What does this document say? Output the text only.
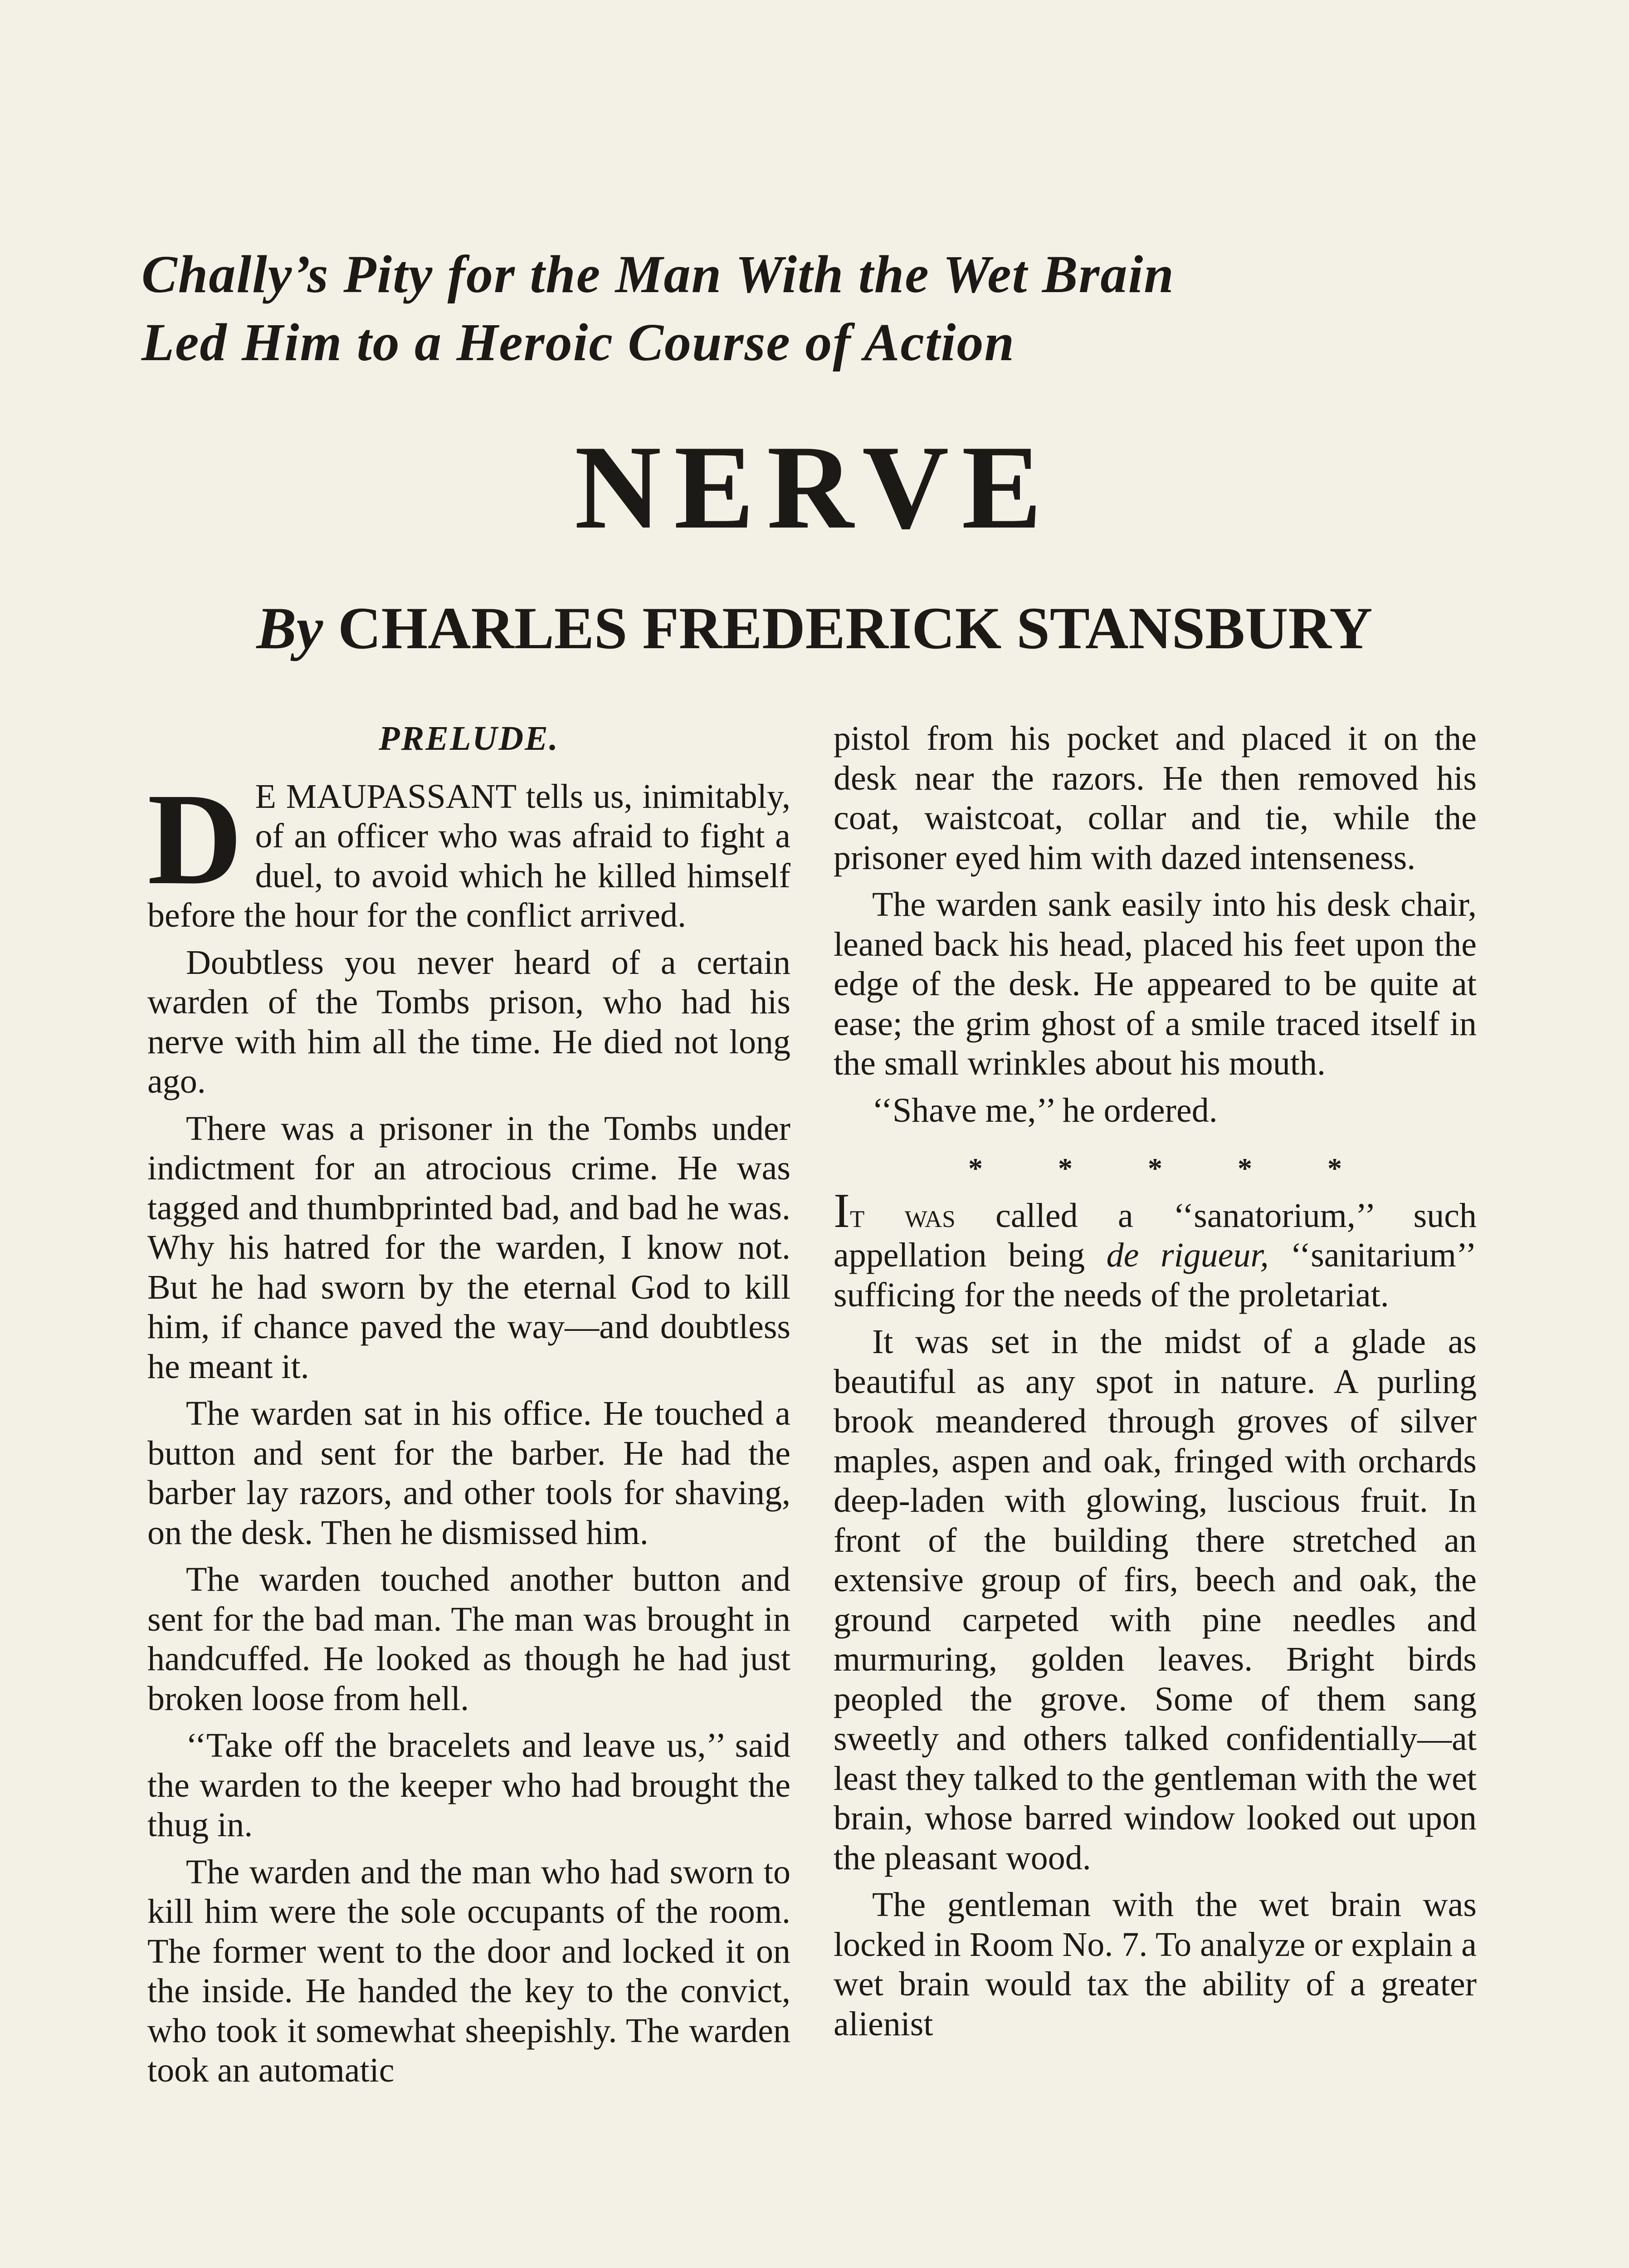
Chally’s Pity for the Man With the Wet Brain
Led Him to a Heroic Course of Action
NERVE
By CHARLES FREDERICK STANSBURY
PRELUDE.

D E MAUPASSANT tells us, inimitably, of an officer who was afraid to fight a duel, to avoid which he killed himself before the hour for the conflict arrived.

Doubtless you never heard of a certain warden of the Tombs prison, who had his nerve with him all the time. He died not long ago.

There was a prisoner in the Tombs under indictment for an atrocious crime. He was tagged and thumbprinted bad, and bad he was. Why his hatred for the warden, I know not. But he had sworn by the eternal God to kill him, if chance paved the way—and doubtless he meant it.

The warden sat in his office. He touched a button and sent for the barber. He had the barber lay razors, and other tools for shaving, on the desk. Then he dismissed him.

The warden touched another button and sent for the bad man. The man was brought in handcuffed. He looked as though he had just broken loose from hell.

‘‘Take off the bracelets and leave us,’’ said the warden to the keeper who had brought the thug in.

The warden and the man who had sworn to kill him were the sole occupants of the room. The former went to the door and locked it on the inside. He handed the key to the convict, who took it somewhat sheepishly. The warden took an automatic

pistol from his pocket and placed it on the desk near the razors. He then removed his coat, waistcoat, collar and tie, while the prisoner eyed him with dazed intenseness.

The warden sank easily into his desk chair, leaned back his head, placed his feet upon the edge of the desk. He appeared to be quite at ease; the grim ghost of a smile traced itself in the small wrinkles about his mouth.

‘‘Shave me,’’ he ordered.

* * * * *

It was called a ‘‘sanatorium,’’ such appellation being de rigueur, ‘‘sanitarium’’ sufficing for the needs of the proletariat.

It was set in the midst of a glade as beautiful as any spot in nature. A purling brook meandered through groves of silver maples, aspen and oak, fringed with orchards deep-laden with glowing, luscious fruit. In front of the building there stretched an extensive group of firs, beech and oak, the ground carpeted with pine needles and murmuring, golden leaves. Bright birds peopled the grove. Some of them sang sweetly and others talked confidentially—at least they talked to the gentleman with the wet brain, whose barred window looked out upon the pleasant wood.

The gentleman with the wet brain was locked in Room No. 7. To analyze or explain a wet brain would tax the ability of a greater alienist
